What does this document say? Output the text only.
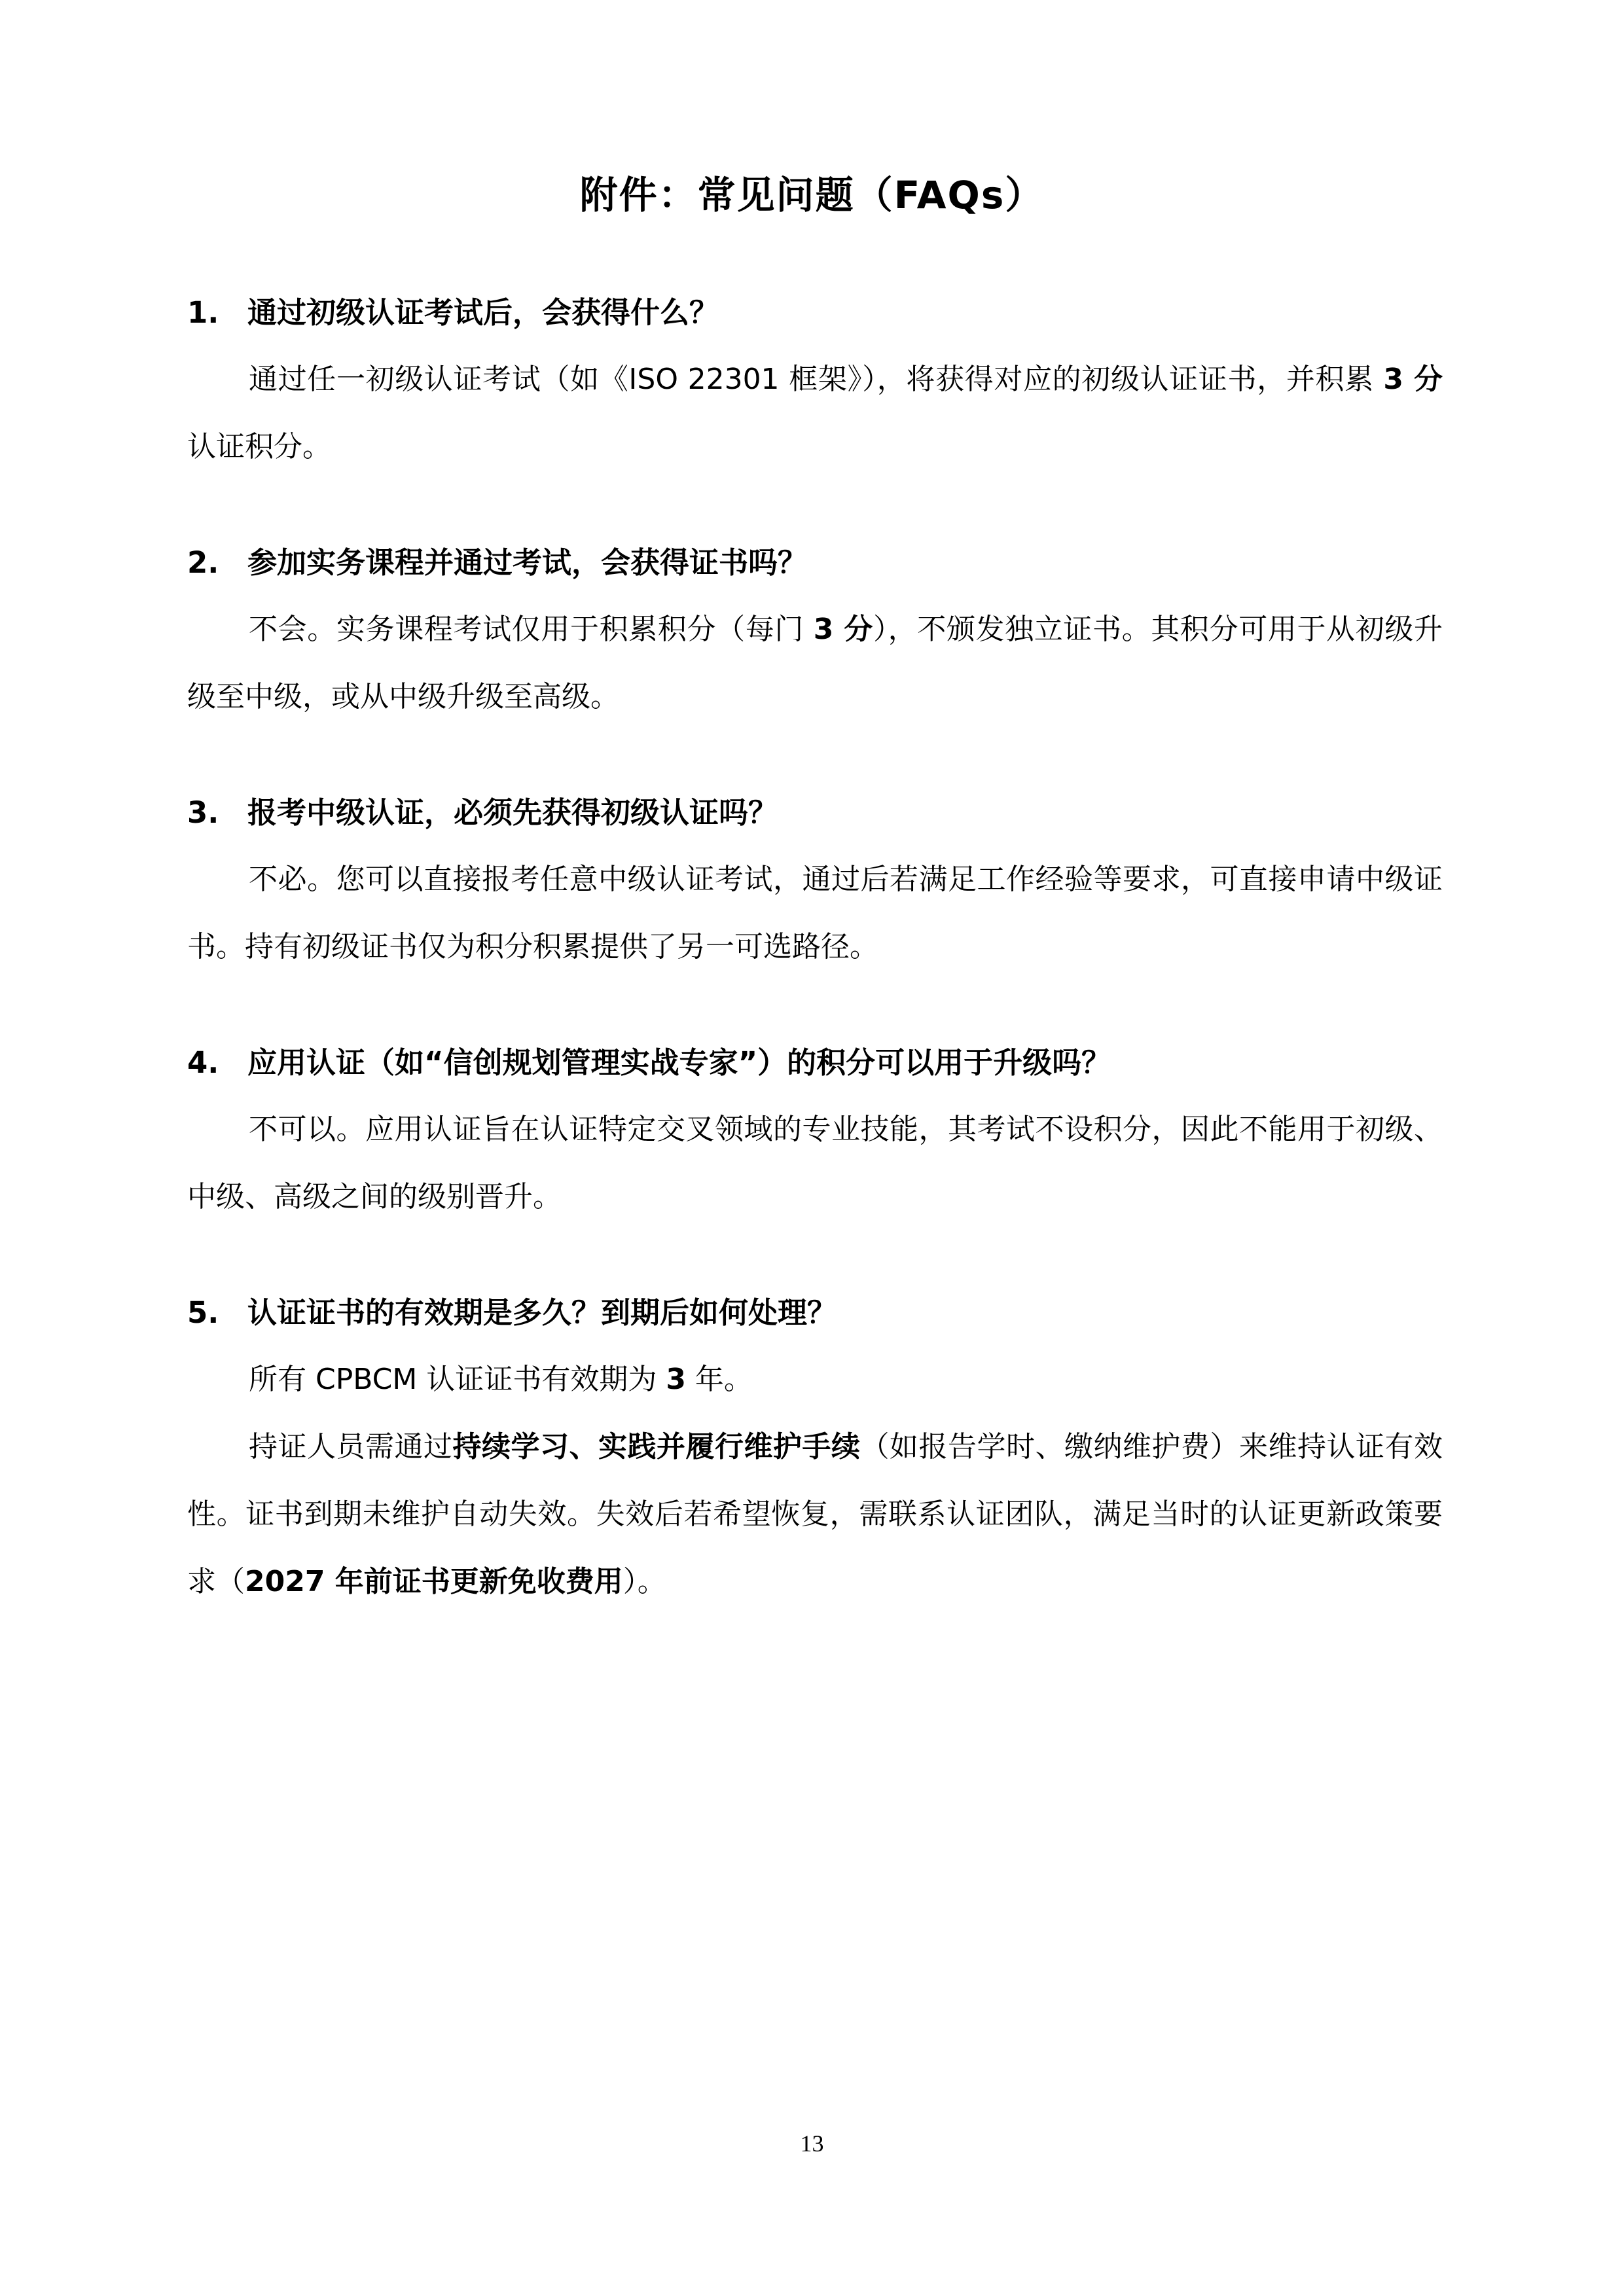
附件：常见问题（FAQs）
1. 通过初级认证考试后，会获得什么？

通过任一初级认证考试（如《ISO 22301 框架》），将获得对应的初级认证证书，并积累 3 分认证积分。

2. 参加实务课程并通过考试，会获得证书吗？

不会。实务课程考试仅用于积累积分（每门 3 分），不颁发独立证书。其积分可用于从初级升级至中级，或从中级升级至高级。

3. 报考中级认证，必须先获得初级认证吗？

不必。您可以直接报考任意中级认证考试，通过后若满足工作经验等要求，可直接申请中级证书。持有初级证书仅为积分积累提供了另一可选路径。

4. 应用认证（如“信创规划管理实战专家”）的积分可以用于升级吗？

不可以。应用认证旨在认证特定交叉领域的专业技能，其考试不设积分，因此不能用于初级、中级、高级之间的级别晋升。

5. 认证证书的有效期是多久？到期后如何处理？

所有 CPBCM 认证证书有效期为 3 年。

持证人员需通过持续学习、实践并履行维护手续（如报告学时、缴纳维护费）来维持认证有效性。证书到期未维护自动失效。失效后若希望恢复，需联系认证团队，满足当时的认证更新政策要求（2027 年前证书更新免收费用）。

13
